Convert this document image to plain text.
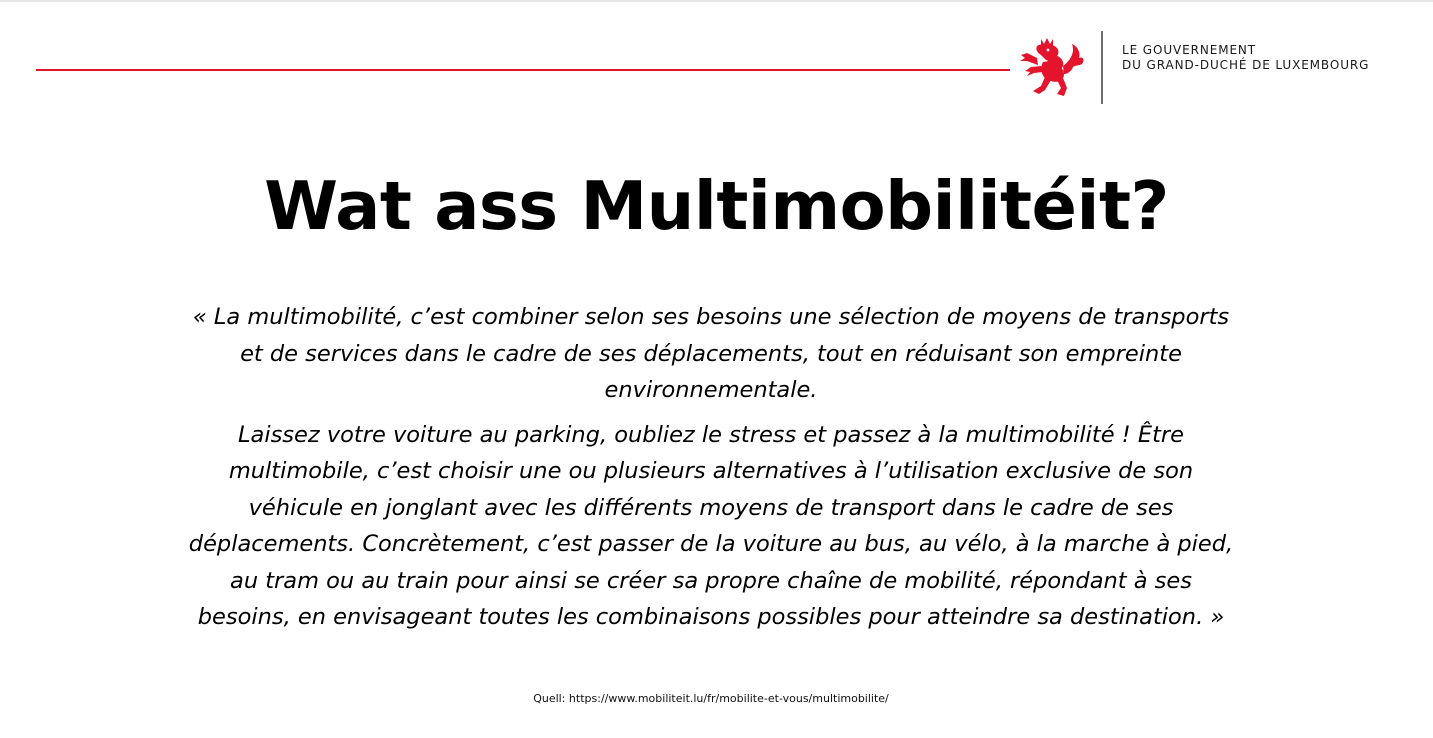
LE GOUVERNEMENT
DU GRAND-DUCHÉ DE LUXEMBOURG
Wat ass Multimobilitéit?

« La multimobilité, c’est combiner selon ses besoins une sélection de moyens de transports et de services dans le cadre de ses déplacements, tout en réduisant son empreinte environnementale.

Laissez votre voiture au parking, oubliez le stress et passez à la multimobilité ! Être multimobile, c’est choisir une ou plusieurs alternatives à l’utilisation exclusive de son véhicule en jonglant avec les différents moyens de transport dans le cadre de ses déplacements. Concrètement, c’est passer de la voiture au bus, au vélo, à la marche à pied, au tram ou au train pour ainsi se créer sa propre chaîne de mobilité, répondant à ses besoins, en envisageant toutes les combinaisons possibles pour atteindre sa destination. »

Quell: https://www.mobiliteit.lu/fr/mobilite-et-vous/multimobilite/
